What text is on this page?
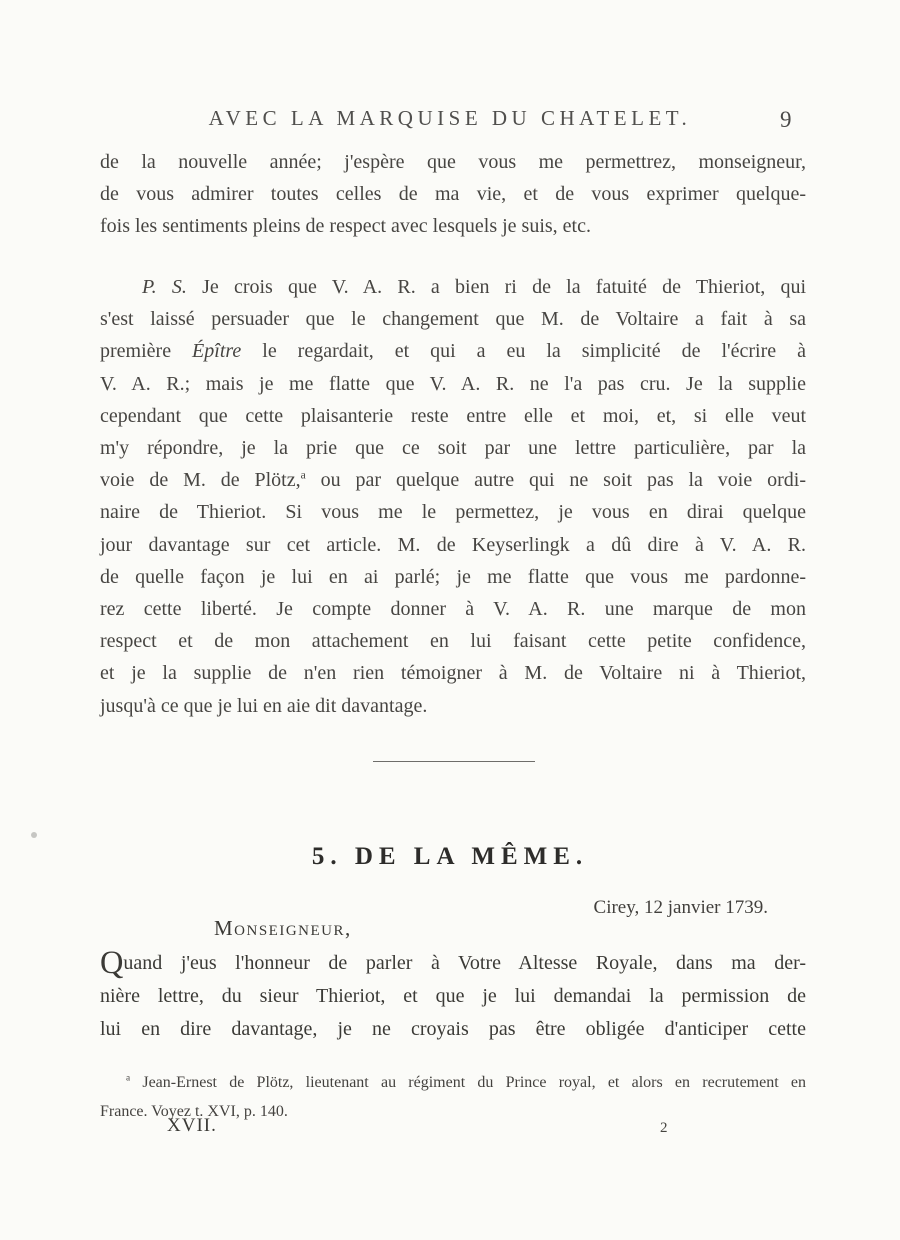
AVEC LA MARQUISE DU CHATELET.	9
de la nouvelle année; j'espère que vous me permettrez, monseigneur,
de vous admirer toutes celles de ma vie, et de vous exprimer quelque-
fois les sentiments pleins de respect avec lesquels je suis, etc.
P. S. Je crois que V. A. R. a bien ri de la fatuité de Thieriot, qui
s'est laissé persuader que le changement que M. de Voltaire a fait à sa
première Épître le regardait, et qui a eu la simplicité de l'écrire à
V. A. R.; mais je me flatte que V. A. R. ne l'a pas cru. Je la supplie
cependant que cette plaisanterie reste entre elle et moi, et, si elle veut
m'y répondre, je la prie que ce soit par une lettre particulière, par la
voie de M. de Plötz,$^a$ ou par quelque autre qui ne soit pas la voie ordi-
naire de Thieriot. Si vous me le permettez, je vous en dirai quelque
jour davantage sur cet article. M. de Keyserlingk a dû dire à V. A. R.
de quelle façon je lui en ai parlé; je me flatte que vous me pardonne-
rez cette liberté. Je compte donner à V. A. R. une marque de mon
respect et de mon attachement en lui faisant cette petite confidence,
et je la supplie de n'en rien témoigner à M. de Voltaire ni à Thieriot,
jusqu'à ce que je lui en aie dit davantage.
5. DE LA MÊME.
Cirey, 12 janvier 1739.
Monseigneur,
Quand j'eus l'honneur de parler à Votre Altesse Royale, dans ma der-
nière lettre, du sieur Thieriot, et que je lui demandai la permission de
lui en dire davantage, je ne croyais pas être obligée d'anticiper cette
$^a$ Jean-Ernest de Plötz, lieutenant au régiment du Prince royal, et alors en recrutement en
France. Voyez t. XVI, p. 140.
XVII.	2
